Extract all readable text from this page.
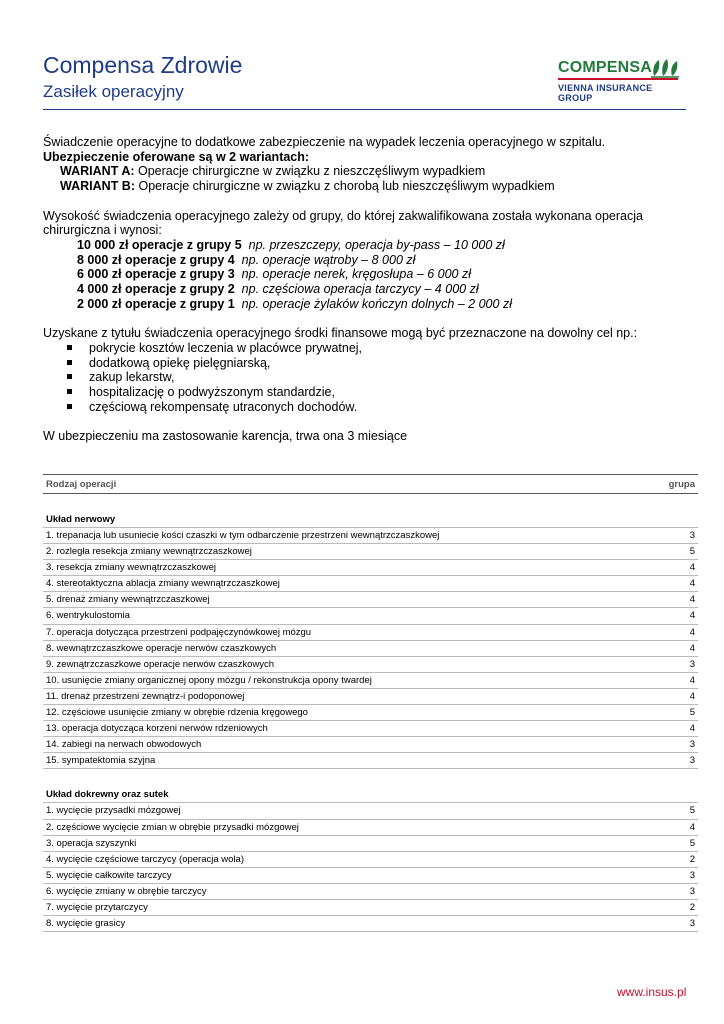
Compensa Zdrowie
Zasiłek operacyjny
COMPENSA
VIENNA INSURANCE GROUP

Świadczenie operacyjne to dodatkowe zabezpieczenie na wypadek leczenia operacyjnego w szpitalu.

Ubezpieczenie oferowane są w 2 wariantach:

WARIANT A: Operacje chirurgiczne w związku z nieszczęśliwym wypadkiem

WARIANT B: Operacje chirurgiczne w związku z chorobą lub nieszczęśliwym wypadkiem

Wysokość świadczenia operacyjnego zależy od grupy, do której zakwalifikowana została wykonana operacja chirurgiczna i wynosi:

10 000 zł operacje z grupy 5 np. przeszczepy, operacja by-pass – 10 000 zł

8 000 zł operacje z grupy 4 np. operacje wątroby – 8 000 zł

6 000 zł operacje z grupy 3 np. operacje nerek, kręgosłupa – 6 000 zł

4 000 zł operacje z grupy 2 np. częściowa operacja tarczycy – 4 000 zł

2 000 zł operacje z grupy 1 np. operacje żylaków kończyn dolnych – 2 000 zł

Uzyskane z tytułu świadczenia operacyjnego środki finansowe mogą być przeznaczone na dowolny cel np.:

pokrycie kosztów leczenia w placówce prywatnej,
dodatkową opiekę pielęgniarską,
zakup lekarstw,
hospitalizację o podwyższonym standardzie,
częściową rekompensatę utraconych dochodów.

W ubezpieczeniu ma zastosowanie karencja, trwa ona 3 miesiące

Rodzaj operacji	grupa
Układ nerwowy
1. trepanacja lub usuniecie kości czaszki w tym odbarczenie przestrzeni wewnątrzczaszkowej	3
2. rozległa resekcja zmiany wewnątrzczaszkowej	5
3. resekcja zmiany wewnątrzczaszkowej	4
4. stereotaktyczna ablacja zmiany wewnątrzczaszkowej	4
5. drenaż zmiany wewnątrzczaszkowej	4
6. wentrykulostomia	4
7. operacja dotycząca przestrzeni podpajęczynówkowej mózgu	4
8. wewnątrzczaszkowe operacje nerwów czaszkowych	4
9. zewnątrzczaszkowe operacje nerwów czaszkowych	3
10. usunięcie zmiany organicznej opony mózgu / rekonstrukcja opony twardej	4
11. drenaż przestrzeni zewnątrz-i podoponowej	4
12. częściowe usunięcie zmiany w obrębie rdzenia kręgowego	5
13. operacja dotycząca korzeni nerwów rdzeniowych	4
14. zabiegi na nerwach obwodowych	3
15. sympatektomia szyjna	3
Układ dokrewny oraz sutek
1. wycięcie przysadki mózgowej	5
2. częściowe wycięcie zmian w obrębie przysadki mózgowej	4
3. operacja szyszynki	5
4. wycięcie częściowe tarczycy (operacja wola)	2
5. wycięcie całkowite tarczycy	3
6. wycięcie zmiany w obrębie tarczycy	3
7. wycięcie przytarczycy	2
8. wycięcie grasicy	3
www.insus.pl
